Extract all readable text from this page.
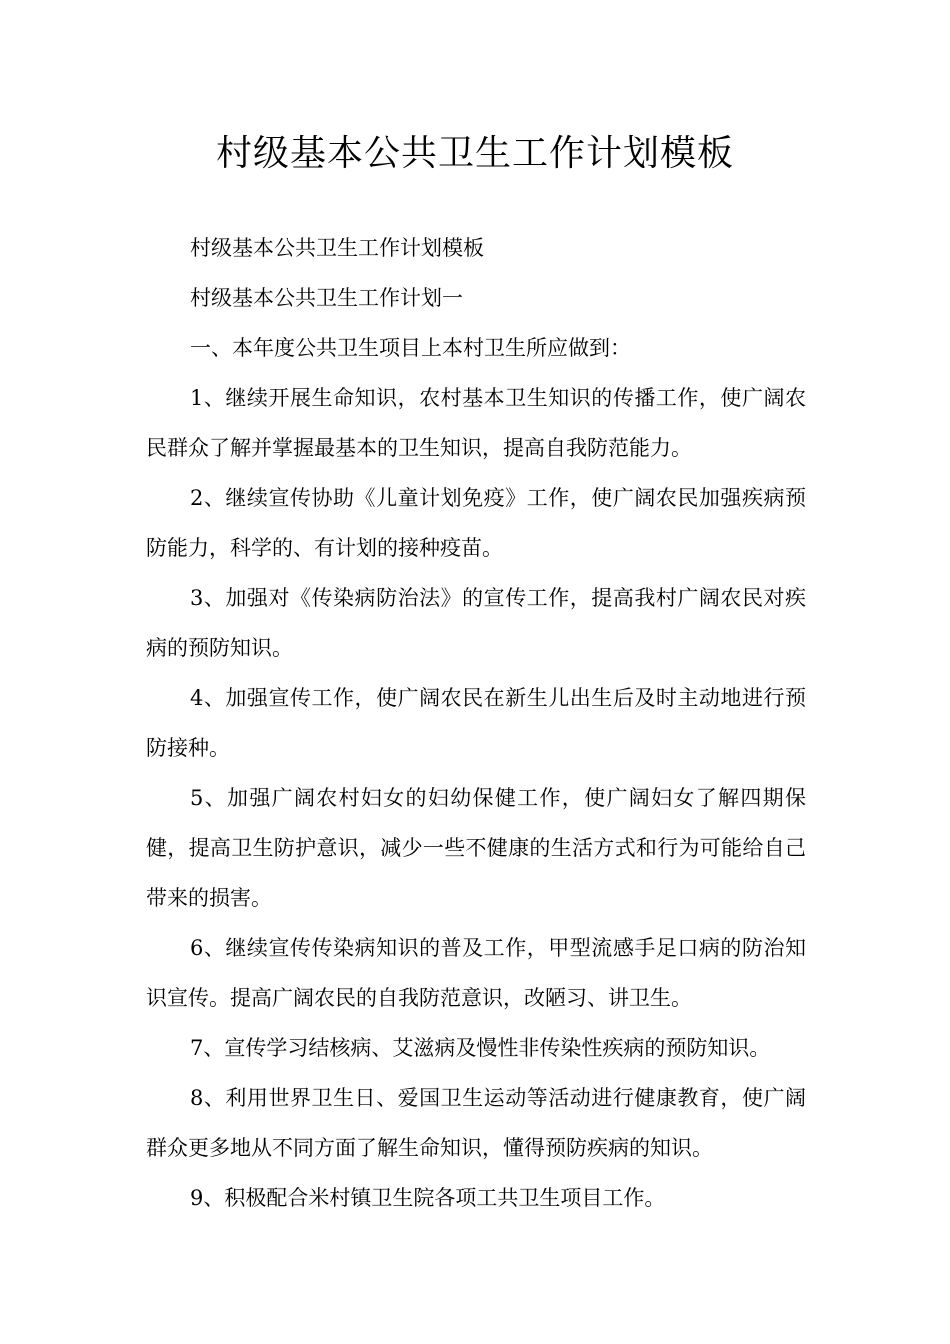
村级基本公共卫生工作计划模板

村级基本公共卫生工作计划模板

村级基本公共卫生工作计划一

一、本年度公共卫生项目上本村卫生所应做到：

1、继续开展生命知识，农村基本卫生知识的传播工作，使广阔农民群众了解并掌握最基本的卫生知识，提高自我防范能力。

2、继续宣传协助《儿童计划免疫》工作，使广阔农民加强疾病预防能力，科学的、有计划的接种疫苗。

3、加强对《传染病防治法》的宣传工作，提高我村广阔农民对疾病的预防知识。

4、加强宣传工作，使广阔农民在新生儿出生后及时主动地进行预防接种。

5、加强广阔农村妇女的妇幼保健工作，使广阔妇女了解四期保健，提高卫生防护意识，减少一些不健康的生活方式和行为可能给自己带来的损害。

6、继续宣传传染病知识的普及工作，甲型流感手足口病的防治知识宣传。提高广阔农民的自我防范意识，改陋习、讲卫生。

7、宣传学习结核病、艾滋病及慢性非传染性疾病的预防知识。

8、利用世界卫生日、爱国卫生运动等活动进行健康教育，使广阔群众更多地从不同方面了解生命知识，懂得预防疾病的知识。

9、积极配合米村镇卫生院各项工共卫生项目工作。
